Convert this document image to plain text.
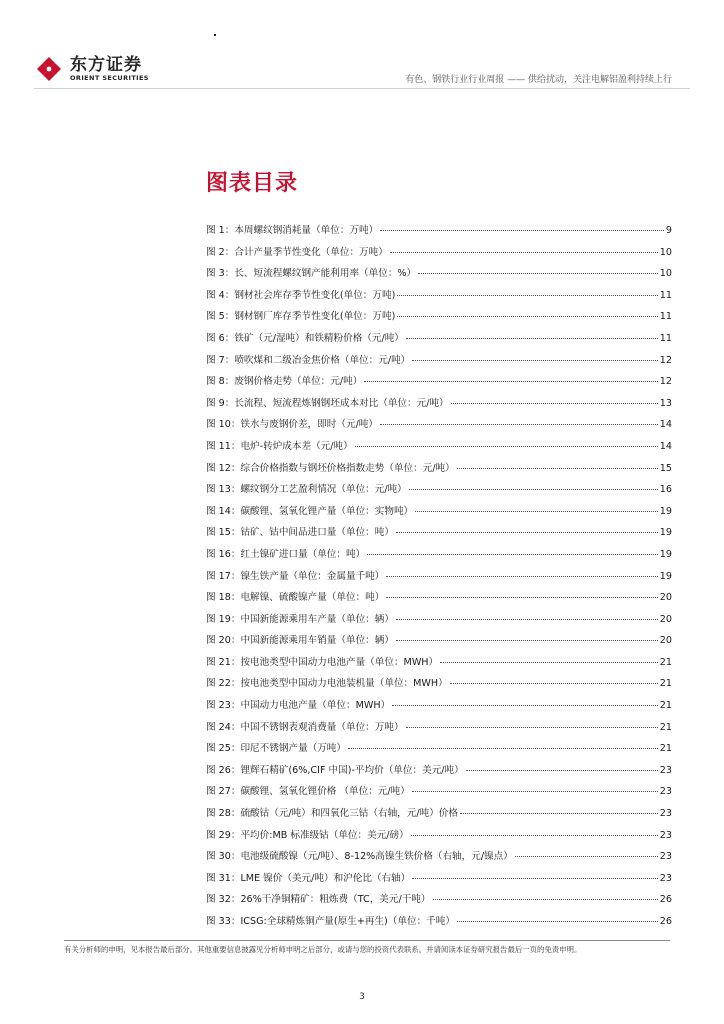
东方证券
ORIENT SECURITIES	有色、钢铁行业行业周报 —— 供给扰动，关注电解铝盈利持续上行
图表目录
图 1：本周螺纹钢消耗量（单位：万吨）	9
图 2：合计产量季节性变化（单位：万吨）	10
图 3：长、短流程螺纹钢产能利用率（单位：%）	10
图 4：钢材社会库存季节性变化(单位：万吨)	11
图 5：钢材钢厂库存季节性变化(单位：万吨)	11
图 6：铁矿（元/湿吨）和铁精粉价格（元/吨）	11
图 7：喷吹煤和二级冶金焦价格（单位：元/吨）	12
图 8：废钢价格走势（单位：元/吨）	12
图 9：长流程、短流程炼钢钢坯成本对比（单位：元/吨）	13
图 10：铁水与废钢价差，即时（元/吨）	14
图 11：电炉-转炉成本差（元/吨）	14
图 12：综合价格指数与钢坯价格指数走势（单位：元/吨）	15
图 13：螺纹钢分工艺盈利情况（单位：元/吨）	16
图 14：碳酸锂、氢氧化锂产量（单位：实物吨）	19
图 15：钴矿、钴中间品进口量（单位：吨）	19
图 16：红土镍矿进口量（单位：吨）	19
图 17：镍生铁产量（单位：金属量千吨）	19
图 18：电解镍、硫酸镍产量（单位：吨）	20
图 19：中国新能源乘用车产量（单位：辆）	20
图 20：中国新能源乘用车销量（单位：辆）	20
图 21：按电池类型中国动力电池产量（单位：MWH）	21
图 22：按电池类型中国动力电池装机量（单位：MWH）	21
图 23：中国动力电池产量（单位：MWH）	21
图 24：中国不锈钢表观消费量（单位：万吨）	21
图 25：印尼不锈钢产量（万吨）	21
图 26：锂辉石精矿(6%,CIF 中国)-平均价（单位：美元/吨）	23
图 27：碳酸锂、氢氧化锂价格 （单位：元/吨）	23
图 28：硫酸钴（元/吨）和四氧化三钴（右轴，元/吨）价格	23
图 29：平均价:MB 标准级钴（单位：美元/磅）	23
图 30：电池级硫酸镍（元/吨）、8-12%高镍生铁价格（右轴，元/镍点）	23
图 31：LME 镍价（美元/吨）和沪伦比（右轴）	23
图 32：26%干净铜精矿：粗炼费（TC，美元/干吨）	26
图 33：ICSG:全球精炼铜产量(原生+再生)（单位：千吨）	26
有关分析师的申明，见本报告最后部分。其他重要信息披露见分析师申明之后部分，或请与您的投资代表联系。并请阅读本证券研究报告最后一页的免责申明。
3
